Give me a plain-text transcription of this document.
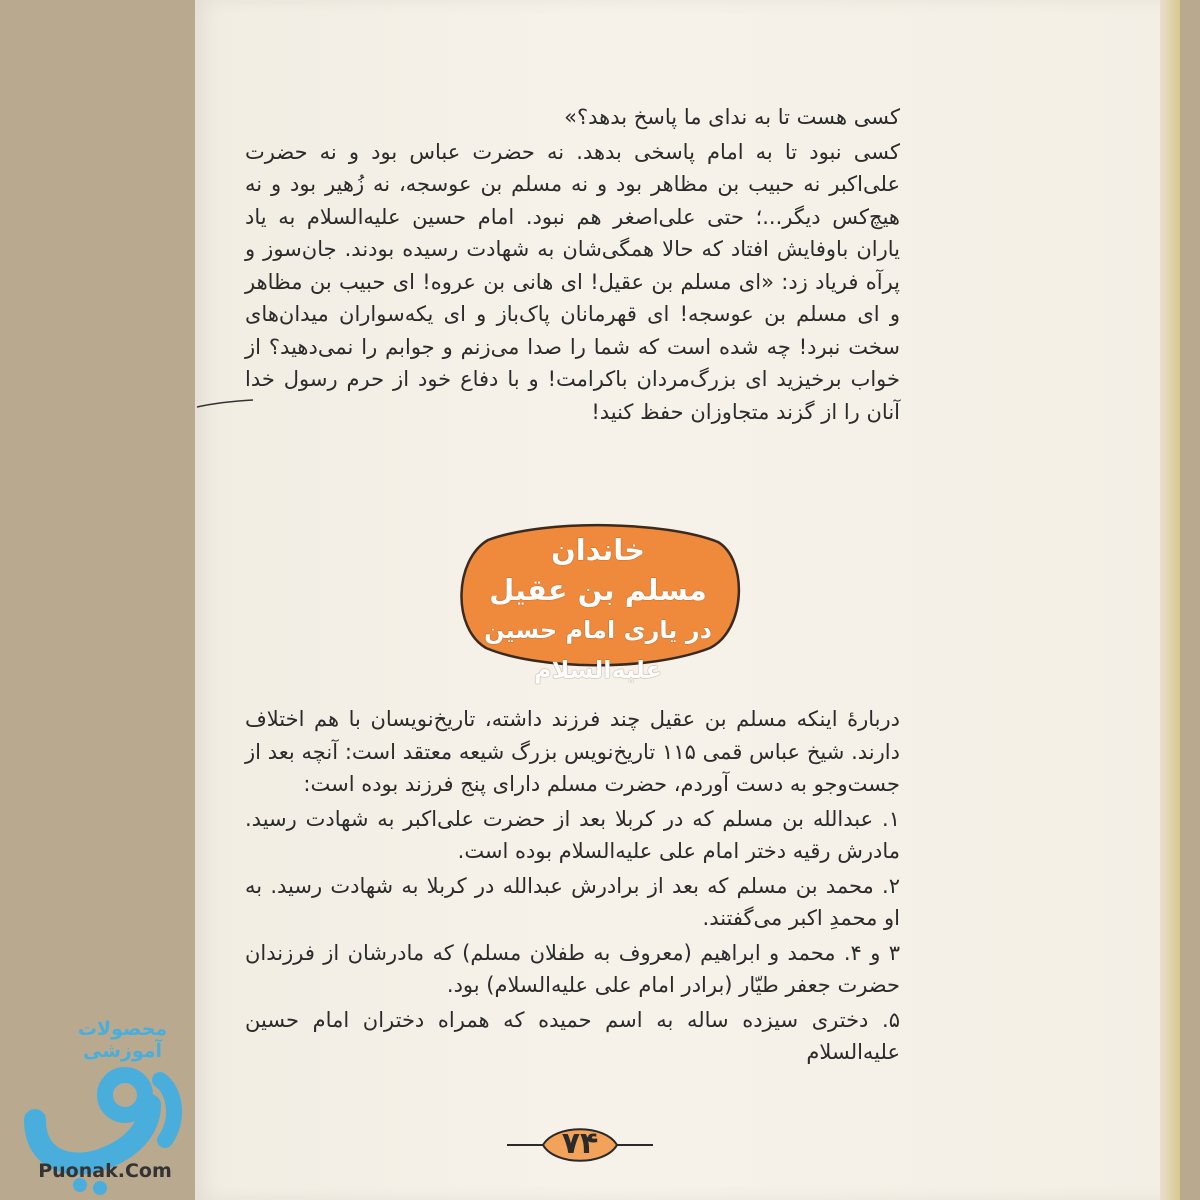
کسی هست تا به ندای ما پاسخ بدهد؟»

کسی نبود تا به امام پاسخی بدهد. نه حضرت عباس بود و نه حضرت علی‌اکبر نه حبیب بن مظاهر بود و نه مسلم بن عوسجه، نه زُهیر بود و نه هیچ‌کس دیگر...؛ حتی علی‌اصغر هم نبود. امام حسین علیه‌السلام به یاد یاران باوفایش افتاد که حالا همگی‌شان به شهادت رسیده بودند. جان‌سوز و پرآه فریاد زد: «ای مسلم بن عقیل! ای هانی بن عروه! ای حبیب بن مظاهر و ای مسلم بن عوسجه! ای قهرمانان پاک‌باز و ای یکه‌سواران میدان‌های سخت نبرد! چه شده است که شما را صدا می‌زنم و جوابم را نمی‌دهید؟ از خواب برخیزید ای بزرگ‌مردان باکرامت! و با دفاع خود از حرم رسول خدا آنان را از گزند متجاوزان حفظ کنید!

خاندان
مسلم بن عقیل
در یاری امام حسین علیه‌السلام

دربارهٔ اینکه مسلم بن عقیل چند فرزند داشته، تاریخ‌نویسان با هم اختلاف دارند. شیخ عباس قمی ۱۱۵ تاریخ‌نویس بزرگ شیعه معتقد است: آنچه بعد از جست‌وجو به دست آوردم، حضرت مسلم دارای پنج فرزند بوده است:

۱. عبدالله بن مسلم که در کربلا بعد از حضرت علی‌اکبر به شهادت رسید. مادرش رقیه دختر امام علی علیه‌السلام بوده است.

۲. محمد بن مسلم که بعد از برادرش عبدالله در کربلا به شهادت رسید. به او محمدِ اکبر می‌گفتند.

۳ و ۴. محمد و ابراهیم (معروف به طفلان مسلم) که مادرشان از فرزندان حضرت جعفر طیّار (برادر امام علی علیه‌السلام) بود.

۵. دختری سیزده ساله به اسم حمیده که همراه دختران امام حسین علیه‌السلام

۷۴
محصولات آموزشی
Puonak.Com
